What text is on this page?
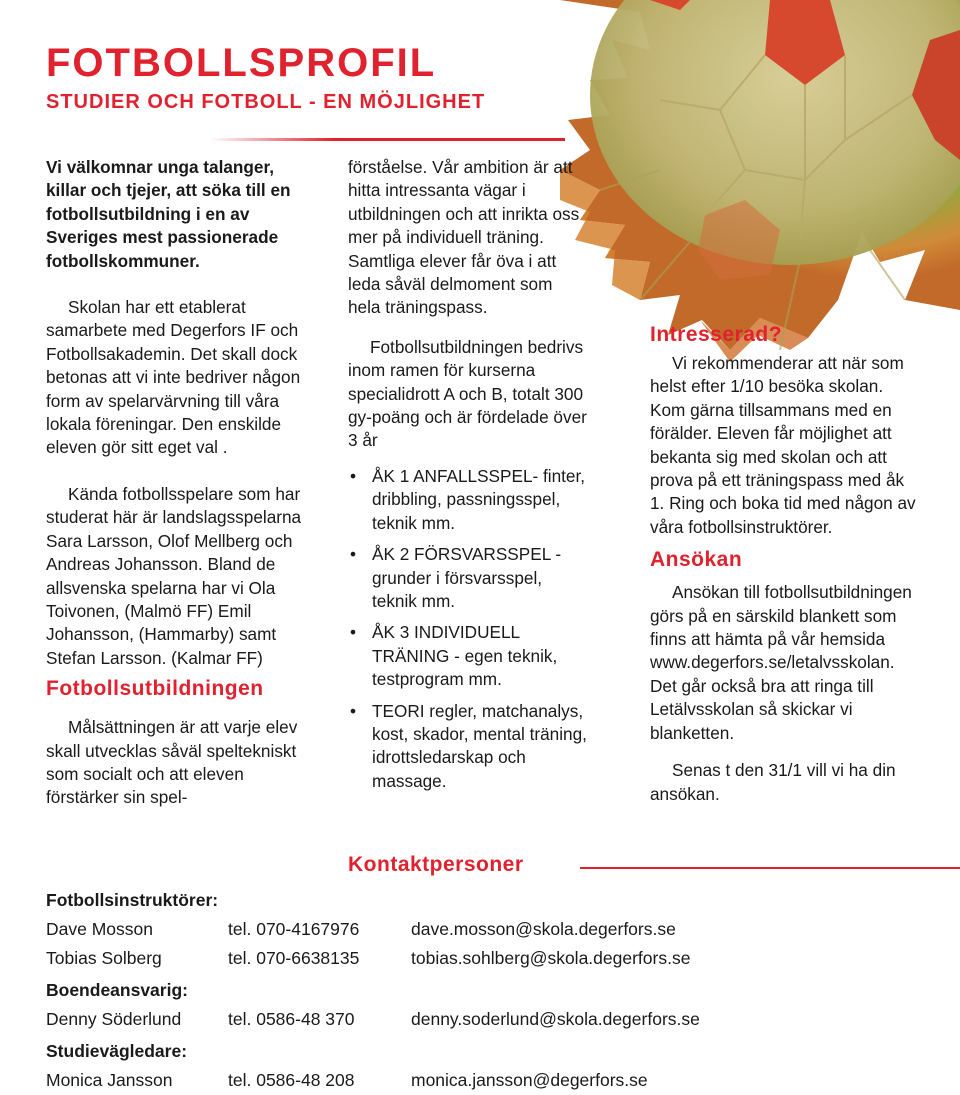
FOTBOLLSPROFIL
STUDIER OCH FOTBOLL - EN MÖJLIGHET

Vi välkomnar unga talanger, killar och tjejer, att söka till en fotbollsutbildning i en av Sveriges mest passionerade fotbollskommuner.

Skolan har ett etablerat samarbete med Degerfors IF och Fotbollsakademin. Det skall dock betonas att vi inte bedriver någon form av spelarvärvning till våra lokala föreningar. Den enskilde eleven gör sitt eget val .

Kända fotbollsspelare som har studerat här är landslagsspelarna Sara Larsson, Olof Mellberg och Andreas Johansson. Bland de allsvenska spelarna har vi Ola Toivonen, (Malmö FF) Emil Johansson, (Hammarby) samt Stefan Larsson. (Kalmar FF)

Fotbollsutbildningen

Målsättningen är att varje elev skall utvecklas såväl speltekniskt som socialt och att eleven förstärker sin spel-

förståelse. Vår ambition är att hitta intressanta vägar i utbildningen och att inrikta oss mer på individuell träning. Samtliga elever får öva i att leda såväl delmoment som hela träningspass.

Fotbollsutbildningen bedrivs inom ramen för kurserna specialidrott A och B, totalt 300 gy-poäng och är fördelade över 3 år

• ÅK 1 ANFALLSSPEL- finter, dribbling, passningsspel, teknik mm.
• ÅK 2 FÖRSVARSSPEL - grunder i försvarsspel, teknik mm.
• ÅK 3 INDIVIDUELL TRÄNING - egen teknik, testprogram mm.
• TEORI regler, matchanalys, kost, skador, mental träning, idrottsledarskap och massage.
Intresserad?

Vi rekommenderar att när som helst efter 1/10 besöka skolan. Kom gärna tillsammans med en förälder. Eleven får möjlighet att bekanta sig med skolan och att prova på ett träningspass med åk 1. Ring och boka tid med någon av våra fotbollsinstruktörer.

Ansökan

Ansökan till fotbollsutbildningen görs på en särskild blankett som finns att hämta på vår hemsida www.degerfors.se/letalvsskolan. Det går också bra att ringa till Letälvsskolan så skickar vi blanketten.

Senas t den 31/1 vill vi ha din ansökan.

Kontaktpersoner
Fotbollsinstruktörer:
Dave Mosson	tel. 070-4167976	dave.mosson@skola.degerfors.se
Tobias Solberg	tel. 070-6638135	tobias.sohlberg@skola.degerfors.se
Boendeansvarig:
Denny Söderlund	tel. 0586-48 370	denny.soderlund@skola.degerfors.se
Studievägledare:
Monica Jansson	tel. 0586-48 208	monica.jansson@degerfors.se
